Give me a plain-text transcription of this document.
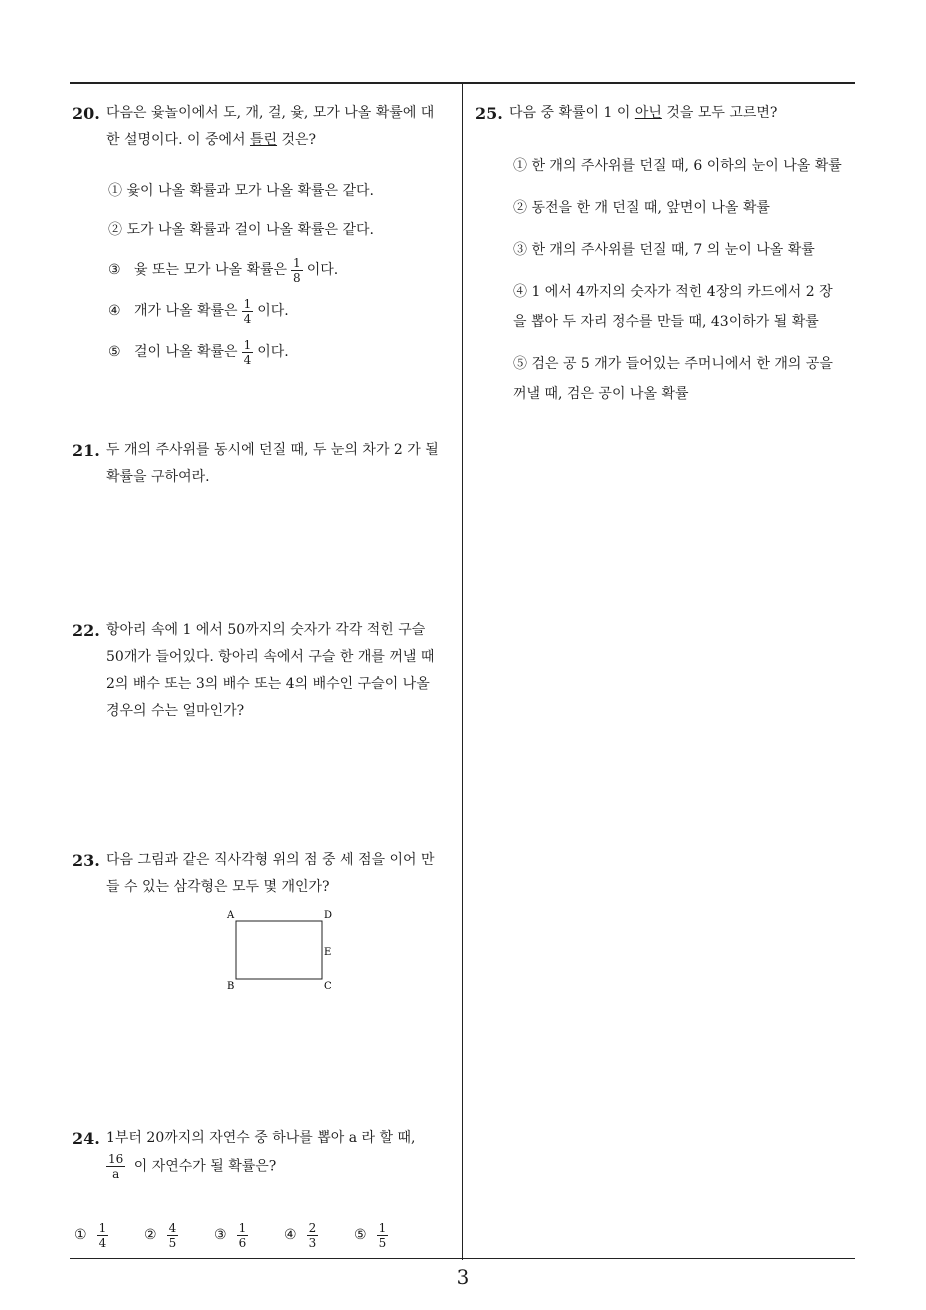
20. 다음은 윷놀이에서 도, 개, 걸, 윷, 모가 나올 확률에 대한 설명이다. 이 중에서 틀린 것은?
① 윷이 나올 확률과 모가 나올 확률은 같다.
② 도가 나올 확률과 걸이 나올 확률은 같다.
③ 윷 또는 모가 나올 확률은 $\frac{1}{8}$ 이다.
④ 개가 나올 확률은 $\frac{1}{4}$ 이다.
⑤ 걸이 나올 확률은 $\frac{1}{4}$ 이다.
21. 두 개의 주사위를 동시에 던질 때, 두 눈의 차가 2 가 될 확률을 구하여라.
22. 항아리 속에 1 에서 50까지의 숫자가 각각 적힌 구슬 50개가 들어있다. 항아리 속에서 구슬 한 개를 꺼낼 때 2의 배수 또는 3의 배수 또는 4의 배수인 구슬이 나올 경우의 수는 얼마인가?
23. 다음 그림과 같은 직사각형 위의 점 중 세 점을 이어 만들 수 있는 삼각형은 모두 몇 개인가?
A	D
E
B	C
24. 1부터 20까지의 자연수 중 하나를 뽑아 a 라 할 때,

$\frac{16}{a}$ 이 자연수가 될 확률은?
① $\frac{1}{4}$	② $\frac{4}{5}$	③ $\frac{1}{6}$	④ $\frac{2}{3}$	⑤ $\frac{1}{5}$
25. 다음 중 확률이 1 이 아닌 것을 모두 고르면?
① 한 개의 주사위를 던질 때, 6 이하의 눈이 나올 확률
② 동전을 한 개 던질 때, 앞면이 나올 확률
③ 한 개의 주사위를 던질 때, 7 의 눈이 나올 확률
④ 1 에서 4까지의 숫자가 적힌 4장의 카드에서 2 장을 뽑아 두 자리 정수를 만들 때, 43이하가 될 확률
⑤ 검은 공 5 개가 들어있는 주머니에서 한 개의 공을 꺼낼 때, 검은 공이 나올 확률
3
